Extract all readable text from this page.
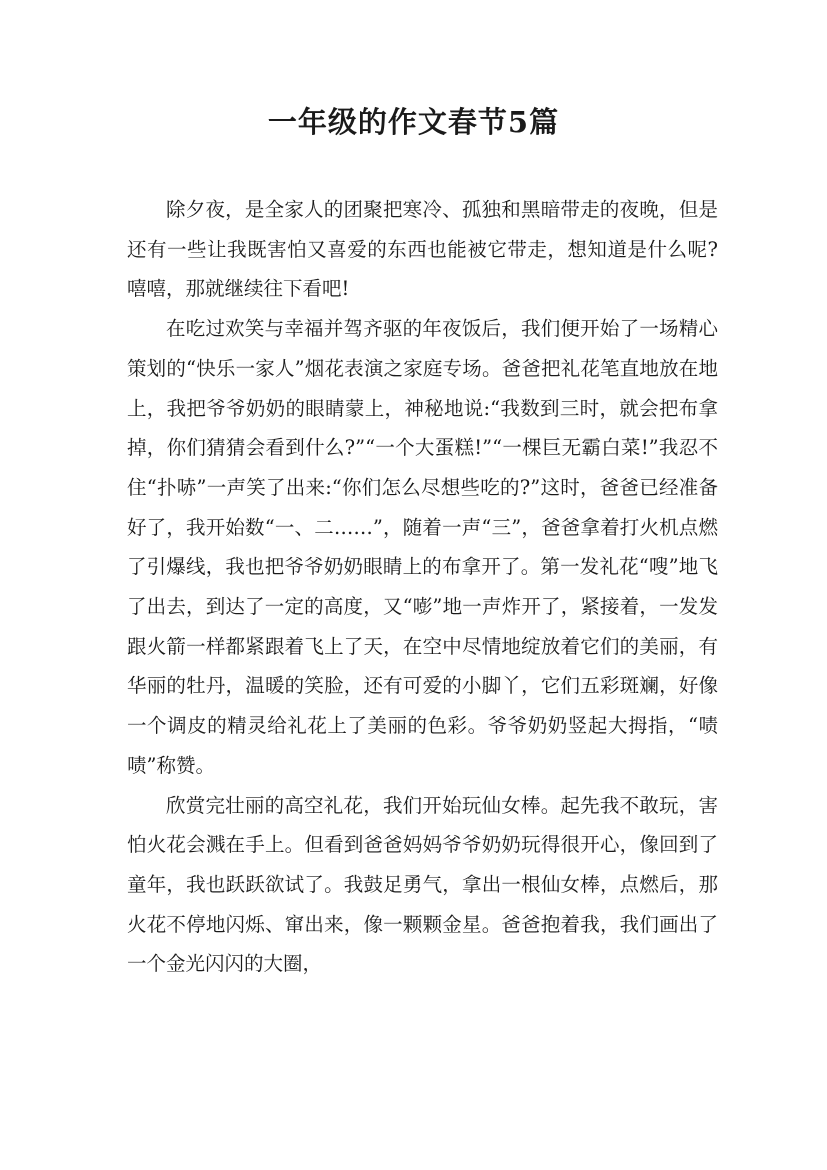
一年级的作文春节5篇

除夕夜，是全家人的团聚把寒冷、孤独和黑暗带走的夜晚，但是还有一些让我既害怕又喜爱的东西也能被它带走，想知道是什么呢?嘻嘻，那就继续往下看吧!

在吃过欢笑与幸福并驾齐驱的年夜饭后，我们便开始了一场精心策划的“快乐一家人”烟花表演之家庭专场。爸爸把礼花笔直地放在地上，我把爷爷奶奶的眼睛蒙上，神秘地说:“我数到三时，就会把布拿掉，你们猜猜会看到什么?”“一个大蛋糕!”“一棵巨无霸白菜!”我忍不住“扑哧”一声笑了出来:“你们怎么尽想些吃的?”这时，爸爸已经准备好了，我开始数“一、二……”，随着一声“三”，爸爸拿着打火机点燃了引爆线，我也把爷爷奶奶眼睛上的布拿开了。第一发礼花“嗖”地飞了出去，到达了一定的高度，又“嘭”地一声炸开了，紧接着，一发发跟火箭一样都紧跟着飞上了天，在空中尽情地绽放着它们的美丽，有华丽的牡丹，温暖的笑脸，还有可爱的小脚丫，它们五彩斑斓，好像一个调皮的精灵给礼花上了美丽的色彩。爷爷奶奶竖起大拇指，“啧啧”称赞。

欣赏完壮丽的高空礼花，我们开始玩仙女棒。起先我不敢玩，害怕火花会溅在手上。但看到爸爸妈妈爷爷奶奶玩得很开心，像回到了童年，我也跃跃欲试了。我鼓足勇气，拿出一根仙女棒，点燃后，那火花不停地闪烁、窜出来，像一颗颗金星。爸爸抱着我，我们画出了一个金光闪闪的大圈，
